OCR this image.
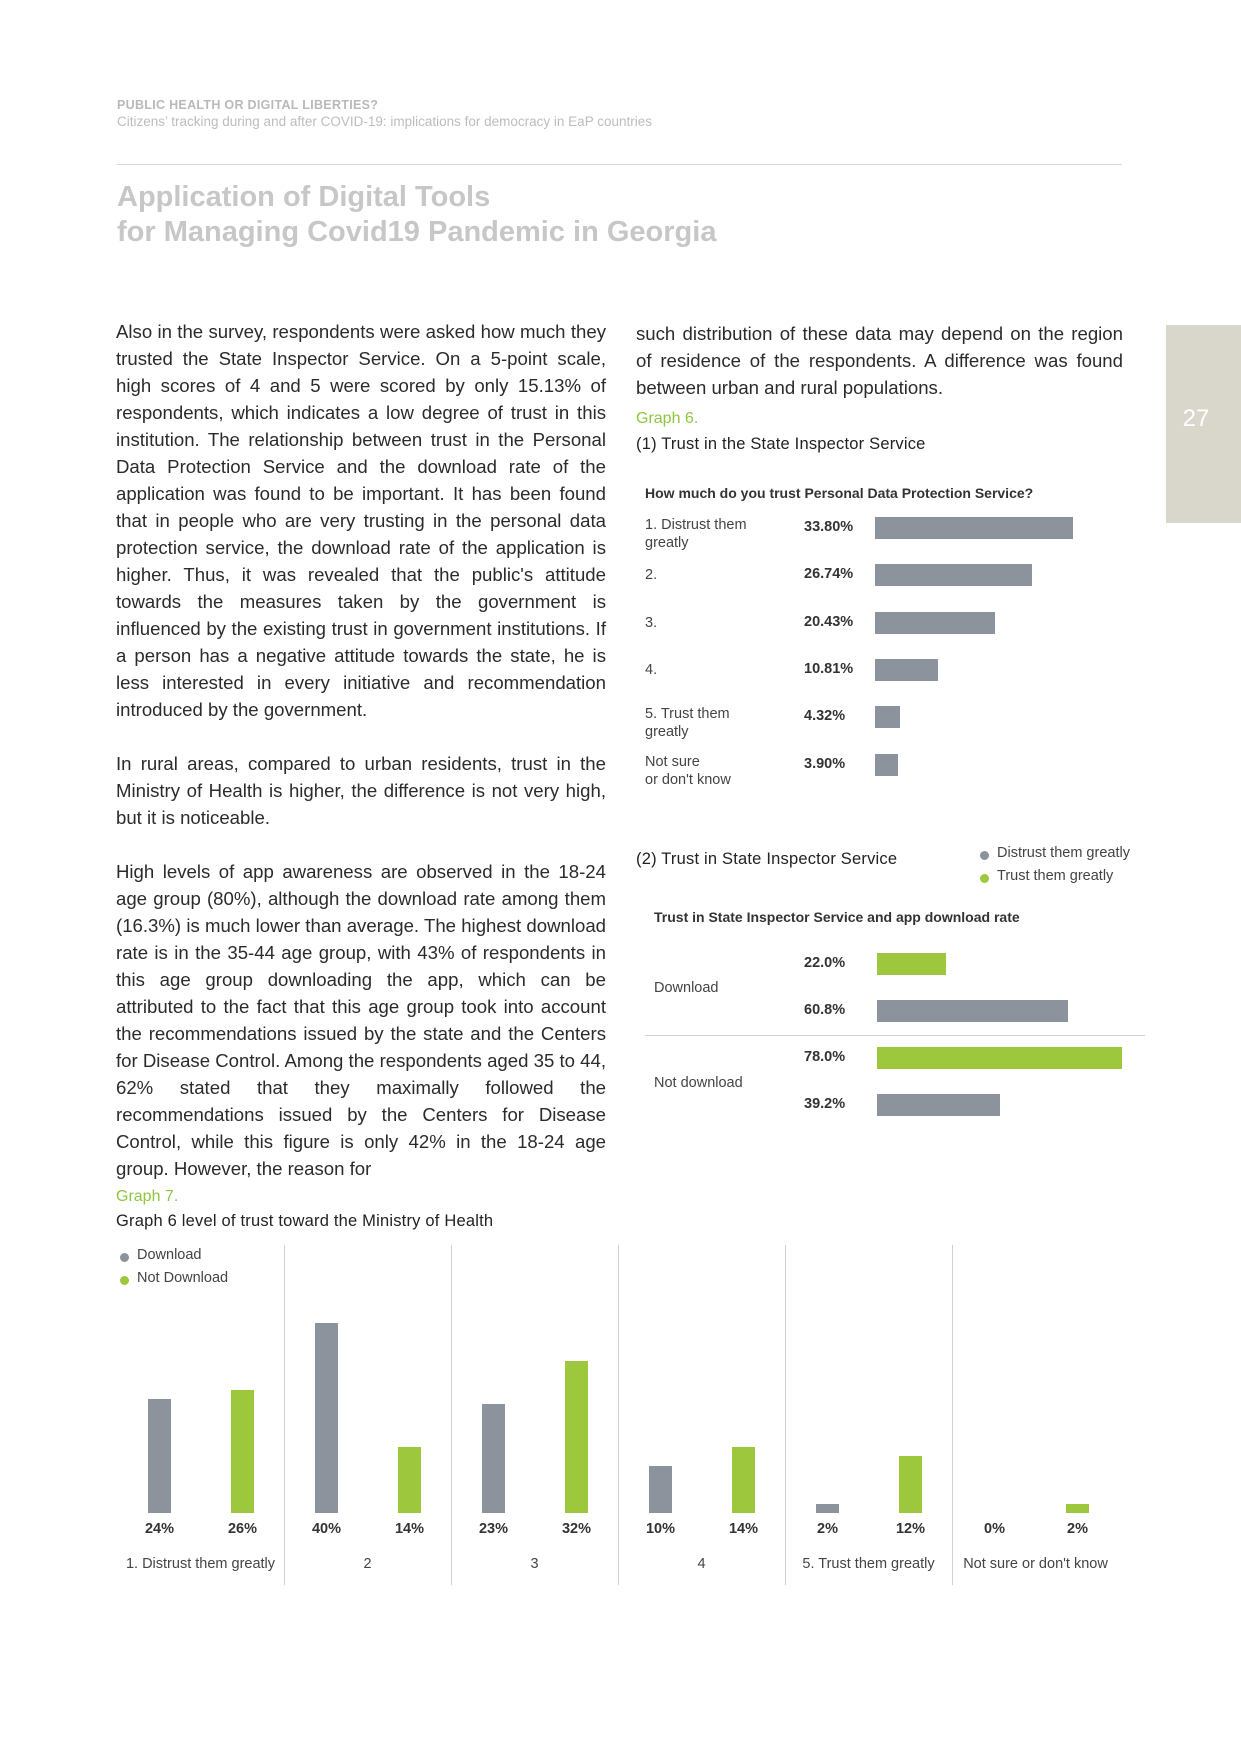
PUBLIC HEALTH OR DIGITAL LIBERTIES?
Citizens’ tracking during and after COVID-19: implications for democracy in EaP countries
Application of Digital Tools
for Managing Covid19 Pandemic in Georgia
27

Also in the survey, respondents were asked how much they trusted the State Inspector Service. On a 5-point scale, high scores of 4 and 5 were scored by only 15.13% of respondents, which indicates a low degree of trust in this institution. The relationship between trust in the Personal Data Protection Service and the download rate of the application was found to be important. It has been found that in people who are very trusting in the personal data protection service, the download rate of the application is higher. Thus, it was revealed that the public's attitude towards the measures taken by the government is influenced by the existing trust in government institutions. If a person has a negative attitude towards the state, he is less interested in every initiative and recommendation introduced by the government.

In rural areas, compared to urban residents, trust in the Ministry of Health is higher, the difference is not very high, but it is noticeable.

High levels of app awareness are observed in the 18-24 age group (80%), although the download rate among them (16.3%) is much lower than average. The highest download rate is in the 35-44 age group, with 43% of respondents in this age group downloading the app, which can be attributed to the fact that this age group took into account the recommendations issued by the state and the Centers for Disease Control. Among the respondents aged 35 to 44, 62% stated that they maximally followed the recommendations issued by the Centers for Disease Control, while this figure is only 42% in the 18-24 age group. However, the reason for

such distribution of these data may depend on the region of residence of the respondents. A difference was found between urban and rural populations.

Graph 6.
(1) Trust in the State Inspector Service
How much do you trust Personal Data Protection Service?
1. Distrust them
greatly
33.80%
2.	26.74%
3.	20.43%
4.	10.81%
5. Trust them
greatly
4.32%
Not sure
or don't know
3.90%
(2) Trust in State Inspector Service	Distrust them greatly
Trust them greatly
Trust in State Inspector Service and app download rate
Download
22.0%
60.8%
Not download
78.0%
39.2%
Graph 7.
Graph 6 level of trust toward the Ministry of Health
Download
Not Download
24%	26%
1. Distrust them greatly
40%	14%
2
23%	32%
3
10%	14%
4
2%	12%
5. Trust them greatly
0%	2%
Not sure or don't know
